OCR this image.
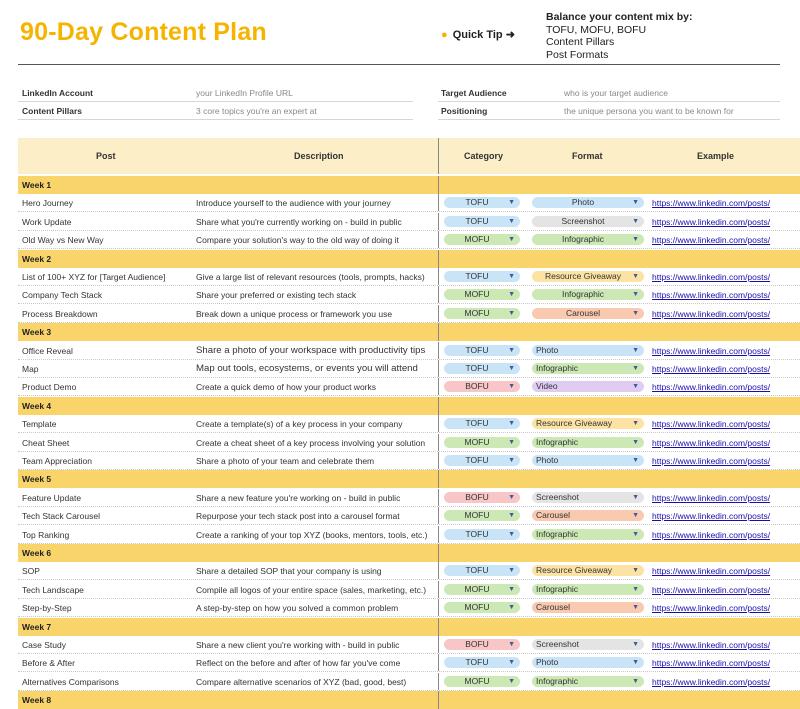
90-Day Content Plan	● Quick Tip ➜
Balance your content mix by:
TOFU, MOFU, BOFU
Content Pillars
Post Formats
LinkedIn Account	your LinkedIn Profile URL	Target Audience	who is your target audience
Content Pillars	3 core topics you're an expert at	Positioning	the unique persona you want to be known for
Post	Description	Category	Format	Example
Week 1
Hero Journey	Introduce yourself to the audience with your journey	TOFU	▼	Photo	▼ https://www.linkedin.com/posts/
Work Update	Share what you're currently working on - build in public	TOFU	▼	Screenshot	▼ https://www.linkedin.com/posts/
Old Way vs New Way	Compare your solution's way to the old way of doing it	MOFU	▼	Infographic	▼ https://www.linkedin.com/posts/
Week 2
List of 100+ XYZ for [Target Audience]	Give a large list of relevant resources (tools, prompts, hacks)	TOFU	▼	Resource Giveaway ▼ https://www.linkedin.com/posts/
Company Tech Stack	Share your preferred or existing tech stack	MOFU	▼	Infographic	▼ https://www.linkedin.com/posts/
Process Breakdown	Break down a unique process or framework you use	MOFU	▼	Carousel	▼ https://www.linkedin.com/posts/
Week 3
Office Reveal	Share a photo of your workspace with productivity tips	TOFU	▼	Photo	▼ https://www.linkedin.com/posts/
Map	Map out tools, ecosystems, or events you will attend	TOFU	▼	Infographic	▼ https://www.linkedin.com/posts/
Product Demo	Create a quick demo of how your product works	BOFU	▼	Video	▼ https://www.linkedin.com/posts/
Week 4
Template	Create a template(s) of a key process in your company	TOFU	▼	Resource Giveaway	▼ https://www.linkedin.com/posts/
Cheat Sheet	Create a cheat sheet of a key process involving your solution	MOFU	▼	Infographic	▼ https://www.linkedin.com/posts/
Team Appreciation	Share a photo of your team and celebrate them	TOFU	▼	Photo	▼ https://www.linkedin.com/posts/
Week 5
Feature Update	Share a new feature you're working on - build in public	BOFU	▼	Screenshot	▼ https://www.linkedin.com/posts/
Tech Stack Carousel	Repurpose your tech stack post into a carousel format	MOFU	▼	Carousel	▼ https://www.linkedin.com/posts/
Top Ranking	Create a ranking of your top XYZ (books, mentors, tools, etc.)	TOFU	▼	Infographic	▼ https://www.linkedin.com/posts/
Week 6
SOP	Share a detailed SOP that your company is using	TOFU	▼	Resource Giveaway	▼ https://www.linkedin.com/posts/
Tech Landscape	Compile all logos of your entire space (sales, marketing, etc.)	MOFU	▼	Infographic	▼ https://www.linkedin.com/posts/
Step-by-Step	A step-by-step on how you solved a common problem	MOFU	▼	Carousel	▼ https://www.linkedin.com/posts/
Week 7
Case Study	Share a new client you're working with - build in public	BOFU	▼	Screenshot	▼ https://www.linkedin.com/posts/
Before & After	Reflect on the before and after of how far you've come	TOFU	▼	Photo	▼ https://www.linkedin.com/posts/
Alternatives Comparisons	Compare alternative scenarios of XYZ (bad, good, best)	MOFU	▼	Infographic	▼ https://www.linkedin.com/posts/
Week 8
